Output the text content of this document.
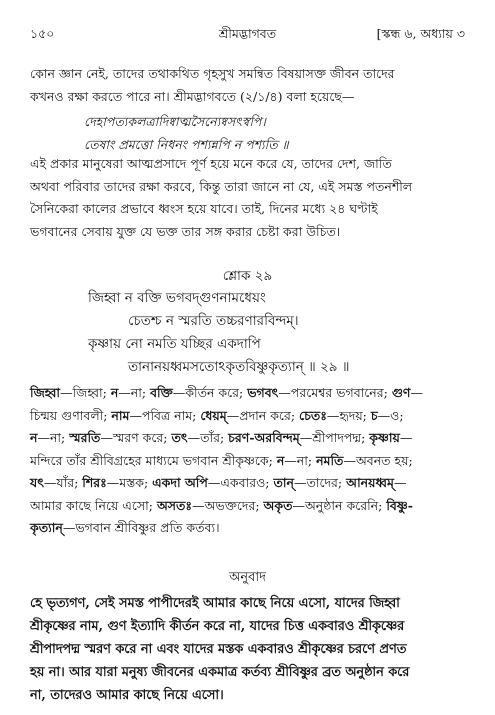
১৫০	শ্রীমদ্ভাগবত	[স্কন্ধ ৬, অধ্যায় ৩
কোন জ্ঞান নেই, তাদের তথাকথিত গৃহসুখ সমন্বিত বিষয়াসক্ত জীবন তাদের
কখনও রক্ষা করতে পারে না। শ্রীমদ্ভাগবতে (২/১/৪) বলা হয়েছে—
দেহাপত্যকলত্রাদিষ্বাত্মসৈন্যেষ্বসৎস্বপি।
তেষাং প্রমত্তো নিধনং পশ্যন্নপি ন পশ্যতি ॥
এই প্রকার মানুষেরা আত্মপ্রসাদে পূর্ণ হয়ে মনে করে যে, তাদের দেশ, জাতি
অথবা পরিবার তাদের রক্ষা করবে, কিন্তু তারা জানে না যে, এই সমস্ত পতনশীল
সৈনিকেরা কালের প্রভাবে ধ্বংস হয়ে যাবে। তাই, দিনের মধ্যে ২৪ ঘণ্টাই
ভগবানের সেবায় যুক্ত যে ভক্ত তার সঙ্গ করার চেষ্টা করা উচিত।
শ্লোক ২৯
জিহ্বা ন বক্তি ভগবদ্গুণনামধেয়ং
চেতশ্চ ন স্মরতি তচ্চরণারবিন্দম্।
কৃষ্ণায় নো নমতি যচ্ছির একদাপি
তানানয়ধ্বমসতোঽকৃতবিষ্ণুকৃত্যান্ ॥ ২৯ ॥
জিহ্বা—জিহ্বা; ন—না; বক্তি—কীর্তন করে; ভগবৎ—পরমেশ্বর ভগবানের; গুণ—
চিন্ময় গুণাবলী; নাম—পবিত্র নাম; ধেয়ম্—প্রদান করে; চেতঃ—হৃদয়; চ—ও;
ন—না; স্মরতি—স্মরণ করে; তৎ—তাঁর; চরণ-অরবিন্দম্—শ্রীপাদপদ্ম; কৃষ্ণায়—
মন্দিরে তাঁর শ্রীবিগ্রহের মাধ্যমে ভগবান শ্রীকৃষ্ণকে; ন—না; নমতি—অবনত হয়;
যৎ—যাঁর; শিরঃ—মস্তক; একদা অপি—একবারও; তান্—তাদের; আনয়ধ্বম্—
আমার কাছে নিয়ে এসো; অসতঃ—অভক্তদের; অকৃত—অনুষ্ঠান করেনি; বিষ্ণু-
কৃত্যান্—ভগবান শ্রীবিষ্ণুর প্রতি কর্তব্য।
অনুবাদ
হে ভৃত্যগণ, সেই সমস্ত পাপীদেরই আমার কাছে নিয়ে এসো, যাদের জিহ্বা
শ্রীকৃষ্ণের নাম, গুণ ইত্যাদি কীর্তন করে না, যাদের চিত্ত একবারও শ্রীকৃষ্ণের
শ্রীপাদপদ্ম স্মরণ করে না এবং যাদের মস্তক একবারও শ্রীকৃষ্ণের চরণে প্রণত
হয় না। আর যারা মনুষ্য জীবনের একমাত্র কর্তব্য শ্রীবিষ্ণুর ব্রত অনুষ্ঠান করে
না, তাদেরও আমার কাছে নিয়ে এসো।
